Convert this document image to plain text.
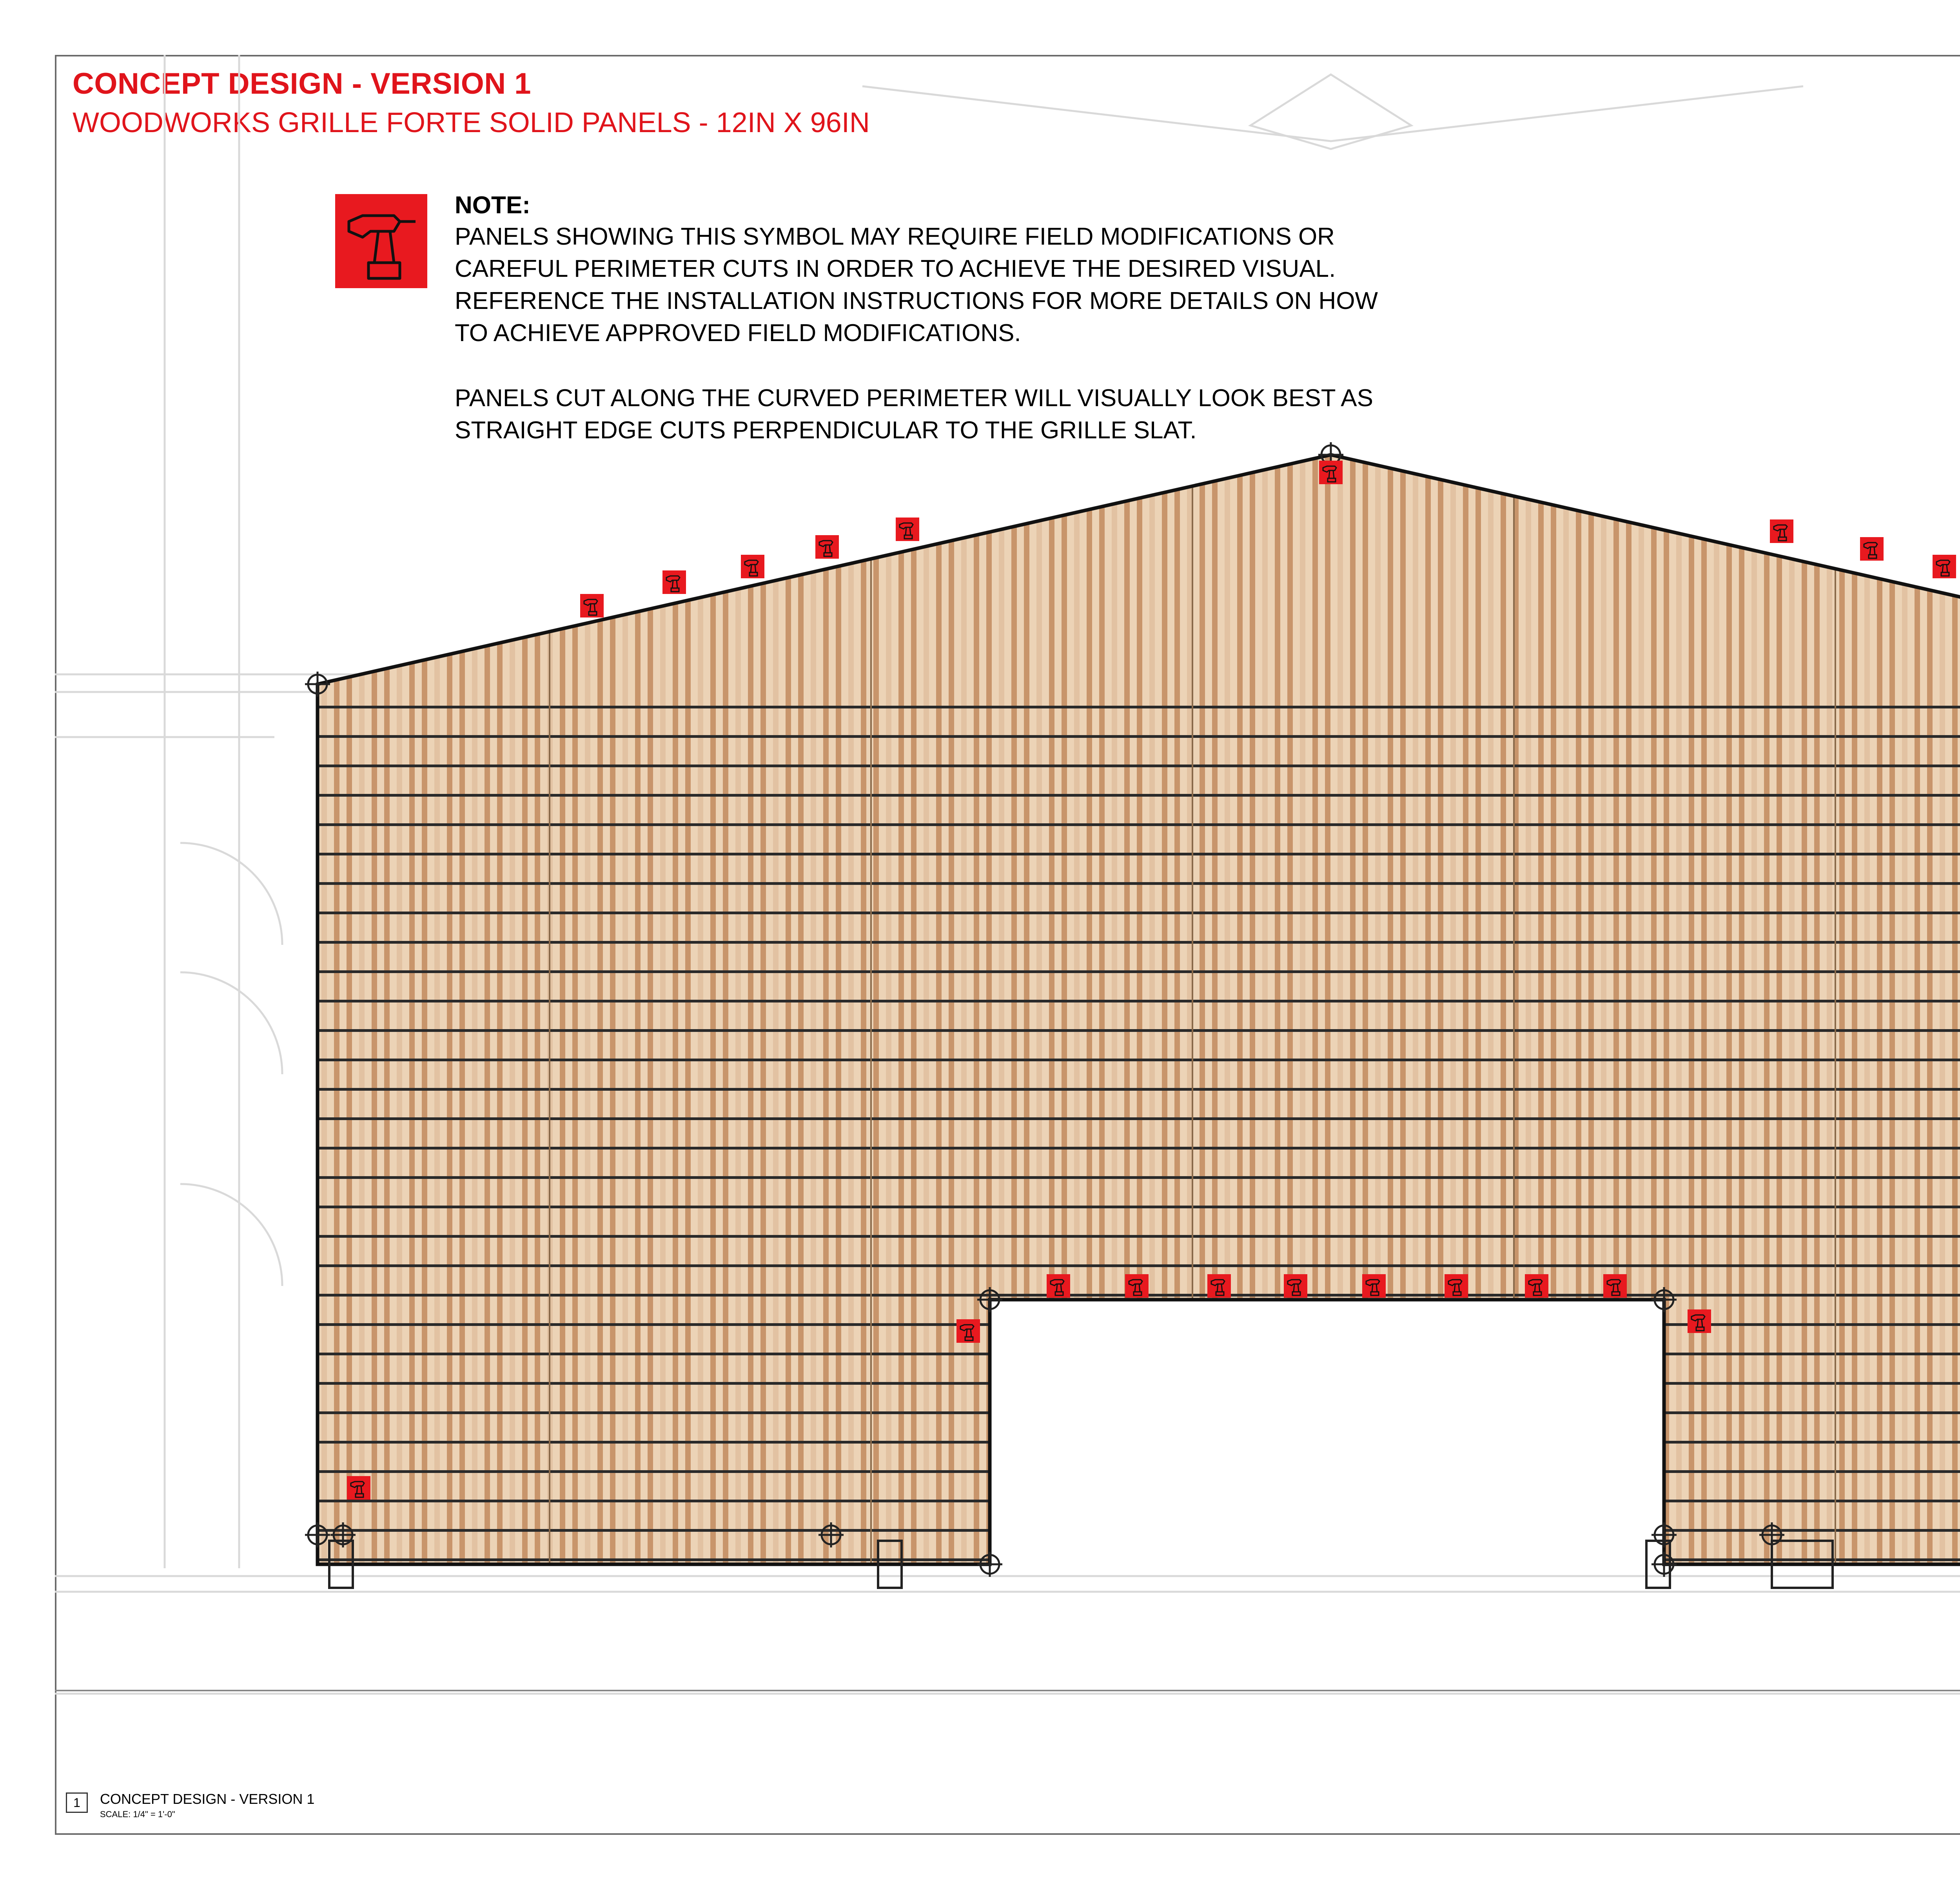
CONCEPT DESIGN - VERSION 1
WOODWORKS GRILLE FORTE SOLID PANELS - 12IN X 96IN
NOTE:
PANELS SHOWING THIS SYMBOL MAY REQUIRE FIELD MODIFICATIONS OR
CAREFUL PERIMETER CUTS IN ORDER TO ACHIEVE THE DESIRED VISUAL.
REFERENCE THE INSTALLATION INSTRUCTIONS FOR MORE DETAILS ON HOW
TO ACHIEVE APPROVED FIELD MODIFICATIONS.
PANELS CUT ALONG THE CURVED PERIMETER WILL VISUALLY LOOK BEST AS
STRAIGHT EDGE CUTS PERPENDICULAR TO THE GRILLE SLAT.
1	CONCEPT DESIGN - VERSION 1
SCALE: 1/4" = 1'-0"
